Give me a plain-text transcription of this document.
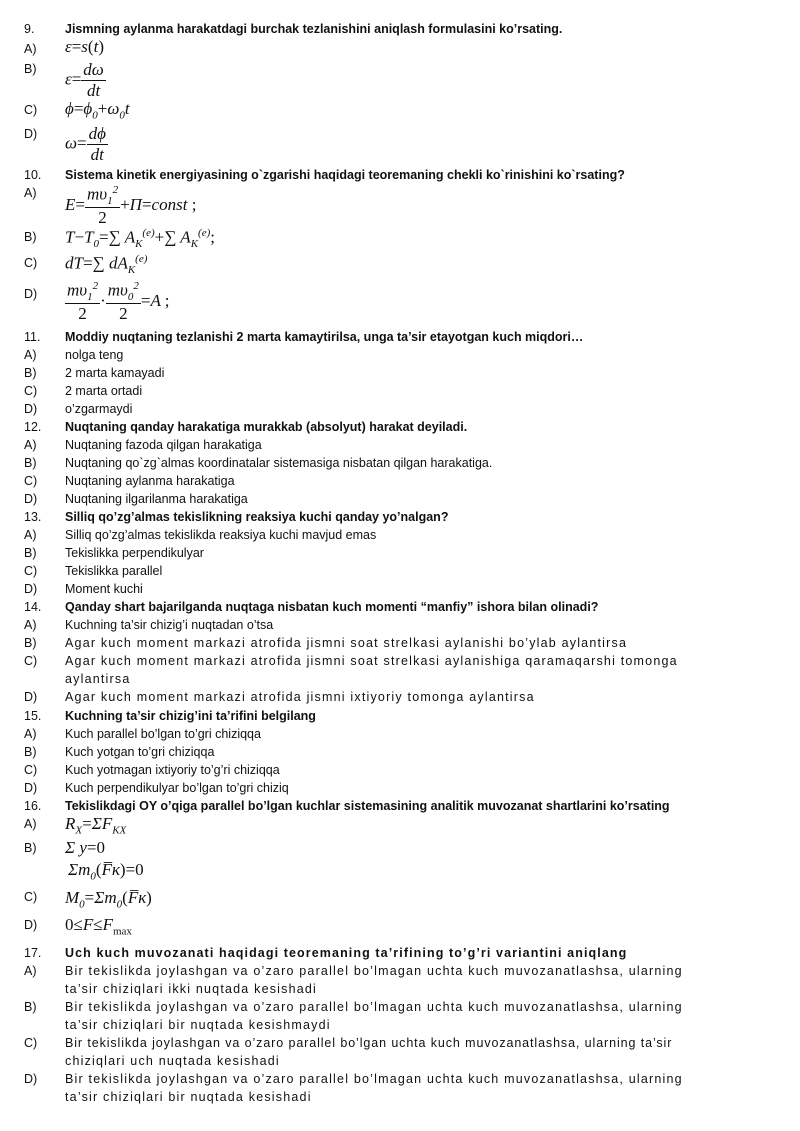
9. Jismning aylanma harakatdagi burchak tezlanishini aniqlash formulasini ko’rsating.
A) ε=s(t)
B)
$\varepsilon= \frac{d\omega}{dt}$
C) $\phi=\phi_0+\omega_0t$
D) $\omega= \frac{d\phi}{dt}$
10. Sistema kinetik energiyasining o`zgarishi haqidagi teoremaning chekli ko`rinishini ko`rsating?
A)
$E= \frac{m\upsilon_1^2}{2}$ +Π=const ;
B) $T-T_0=\sum$ $A_K^{(e)}+\sum$ $A_K^{(e)}$;
C) dT=∑ $dA_K^{(e)}$
$D) \frac{m\upsilon_1^2}{2} \cdot \frac{m\upsilon_0^2}{2} =A$ ;
11. Moddiy nuqtaning tezlanishi 2 marta kamaytirilsa, unga ta’sir etayotgan kuch miqdori…
A) nolga teng
B) 2 marta kamayadi
C) 2 marta ortadi
D) o’zgarmaydi
12. Nuqtaning qanday harakatiga murakkab (absolyut) harakat deyiladi.
A) Nuqtaning fazoda qilgan harakatiga
B) Nuqtaning qo`zg`almas koordinatalar sistemasiga nisbatan qilgan harakatiga.
C) Nuqtaning aylanma harakatiga
D) Nuqtaning ilgarilanma harakatiga
13. Silliq qo’zg’almas tekislikning reaksiya kuchi qanday yo’nalgan?
A) Silliq qo’zg’almas tekislikda reaksiya kuchi mavjud emas
B) Tekislikka perpendikulyar
C) Tekislikka parallel
D) Moment kuchi
14. Qanday shart bajarilganda nuqtaga nisbatan kuch momenti “manfiy” ishora bilan olinadi?
A) Kuchning ta’sir chizig’i nuqtadan o’tsa
B) Agar kuch moment markazi atrofida jismni soat strelkasi aylanishi bo’ylab aylantirsa
C) Agar kuch moment markazi atrofida jismni soat strelkasi aylanishiga qaramaqarshi tomonga
aylantirsa
D) Agar kuch moment markazi atrofida jismni ixtiyoriy tomonga aylantirsa
15. Kuchning ta’sir chizig’ini ta’rifini belgilang
A) Kuch parallel bo’lgan to’gri chiziqqa
B) Kuch yotgan to’gri chiziqqa
C) Kuch yotmagan ixtiyoriy to’g’ri chiziqqa
D) Kuch perpendikulyar bo’lgan to’gri chiziq
16. Tekislikdagi OY o’qiga parallel bo’lgan kuchlar sistemasining analitik muvozanat shartlarini ko’rsating
A) $R_X=\Sigma F_{KX}$
B) Σ y=0
$\Sigma m_0(F̅к)=0$
C) $M_0=\Sigma m_0(F̅к)$
D) $0\le F\le F_{max}$
17. Uch kuch muvozanati haqidagi teoremaning ta’rifining to’g’ri variantini aniqlang
A) Bir tekislikda joylashgan va o’zaro parallel bo’lmagan uchta kuch muvozanatlashsa, ularning
ta’sir chiziqlari ikki nuqtada kesishadi
B) Bir tekislikda joylashgan va o’zaro parallel bo’lmagan uchta kuch muvozanatlashsa, ularning
ta’sir chiziqlari bir nuqtada kesishmaydi
C) Bir tekislikda joylashgan va o’zaro parallel bo’lgan uchta kuch muvozanatlashsa, ularning ta’sir
chiziqlari uch nuqtada kesishadi
D) Bir tekislikda joylashgan va o’zaro parallel bo’lmagan uchta kuch muvozanatlashsa, ularning
ta’sir chiziqlari bir nuqtada kesishadi
